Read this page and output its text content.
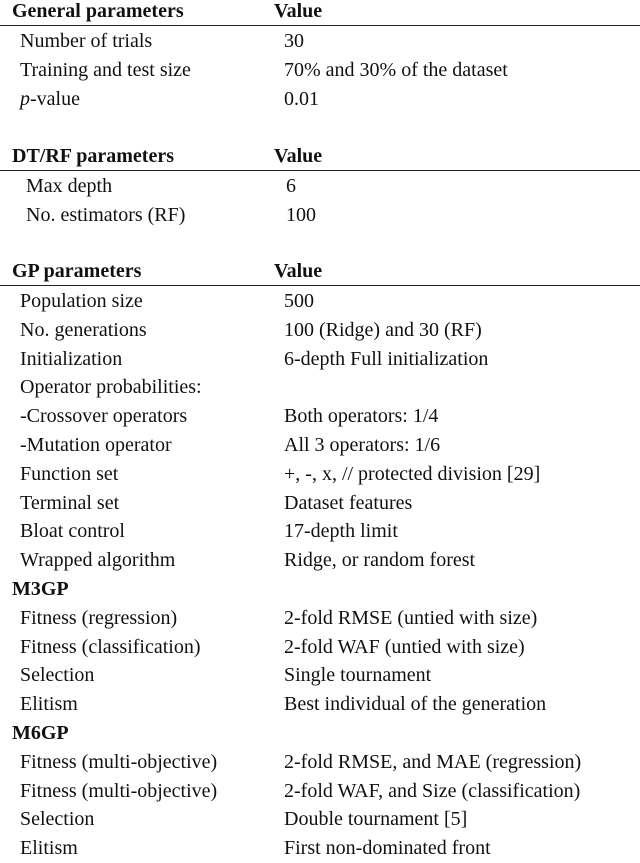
General parameters	Value
Number of trials	30
Training and test size	70% and 30% of the dataset
p-value	0.01
DT/RF parameters	Value
Max depth	6
No. estimators (RF)	100
GP parameters	Value
Population size	500
No. generations	100 (Ridge) and 30 (RF)
Initialization	6-depth Full initialization
Operator probabilities:
-Crossover operators	Both operators: 1/4
-Mutation operator	All 3 operators: 1/6
Function set	+, -, x, // protected division [29]
Terminal set	Dataset features
Bloat control	17-depth limit
Wrapped algorithm	Ridge, or random forest
M3GP
Fitness (regression)	2-fold RMSE (untied with size)
Fitness (classification)	2-fold WAF (untied with size)
Selection	Single tournament
Elitism	Best individual of the generation
M6GP
Fitness (multi-objective)	2-fold RMSE, and MAE (regression)
Fitness (multi-objective)	2-fold WAF, and Size (classification)
Selection	Double tournament [5]
Elitism	First non-dominated front
